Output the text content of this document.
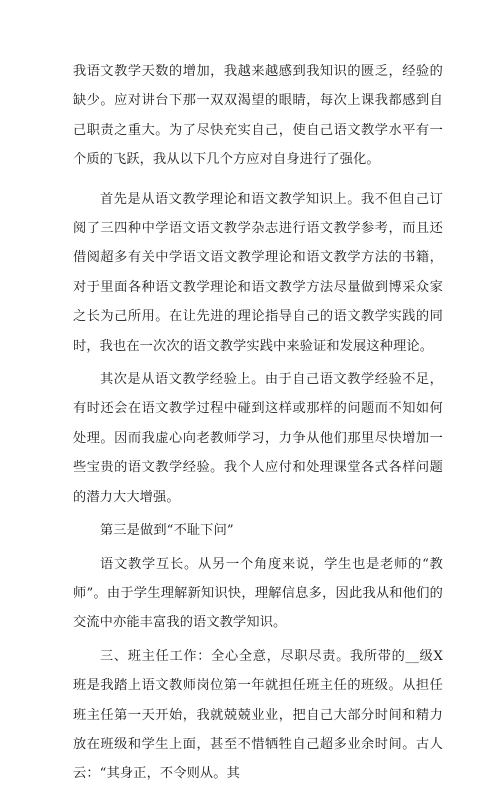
我语文教学天数的增加，我越来越感到我知识的匮乏，经验的缺少。应对讲台下那一双双渴望的眼睛，每次上课我都感到自己职责之重大。为了尽快充实自己，使自己语文教学水平有一个质的飞跃，我从以下几个方应对自身进行了强化。

首先是从语文教学理论和语文教学知识上。我不但自己订阅了三四种中学语文语文教学杂志进行语文教学参考，而且还借阅超多有关中学语文语文教学理论和语文教学方法的书籍，对于里面各种语文教学理论和语文教学方法尽量做到博采众家之长为己所用。在让先进的理论指导自己的语文教学实践的同时，我也在一次次的语文教学实践中来验证和发展这种理论。

其次是从语文教学经验上。由于自己语文教学经验不足，有时还会在语文教学过程中碰到这样或那样的问题而不知如何处理。因而我虚心向老教师学习，力争从他们那里尽快增加一些宝贵的语文教学经验。我个人应付和处理课堂各式各样问题的潜力大大增强。

第三是做到“不耻下问”

语文教学互长。从另一个角度来说，学生也是老师的“教师”。由于学生理解新知识快，理解信息多，因此我从和他们的交流中亦能丰富我的语文教学知识。

三、班主任工作：全心全意，尽职尽责。我所带的__级X班是我踏上语文教师岗位第一年就担任班主任的班级。从担任班主任第一天开始，我就兢兢业业，把自己大部分时间和精力放在班级和学生上面，甚至不惜牺牲自己超多业余时间。古人云：“其身正，不令则从。其
